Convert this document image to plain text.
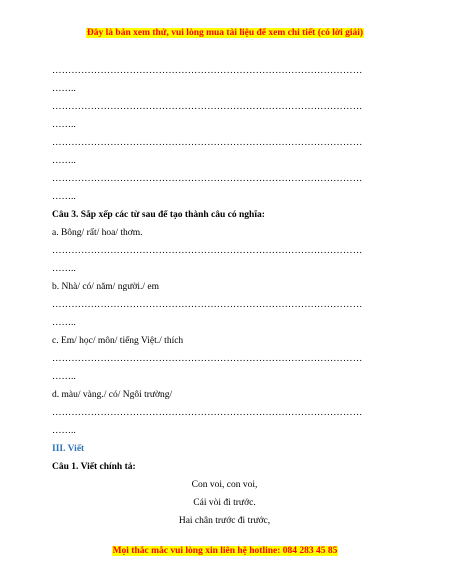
Đây là bản xem thử, vui lòng mua tài liệu để xem chi tiết (có lời giải)
……………………………………………………………………………………
……..
……………………………………………………………………………………
……..
……………………………………………………………………………………
……..
……………………………………………………………………………………
……..
Câu 3. Sắp xếp các từ sau để tạo thành câu có nghĩa:
a. Bông/ rất/ hoa/ thơm.
……………………………………………………………………………………
……..
b. Nhà/ có/ năm/ người./ em
……………………………………………………………………………………
……..
c. Em/ học/ môn/ tiếng Việt./ thích
……………………………………………………………………………………
……..
d. màu/ vàng./ có/ Ngôi trường/
……………………………………………………………………………………
……..
III. Viết
Câu 1. Viết chính tả:
Con voi, con voi,
Cái vòi đi trước.
Hai chân trước đi trước,
Mọi thắc mắc vui lòng xin liên hệ hotline: 084 283 45 85
